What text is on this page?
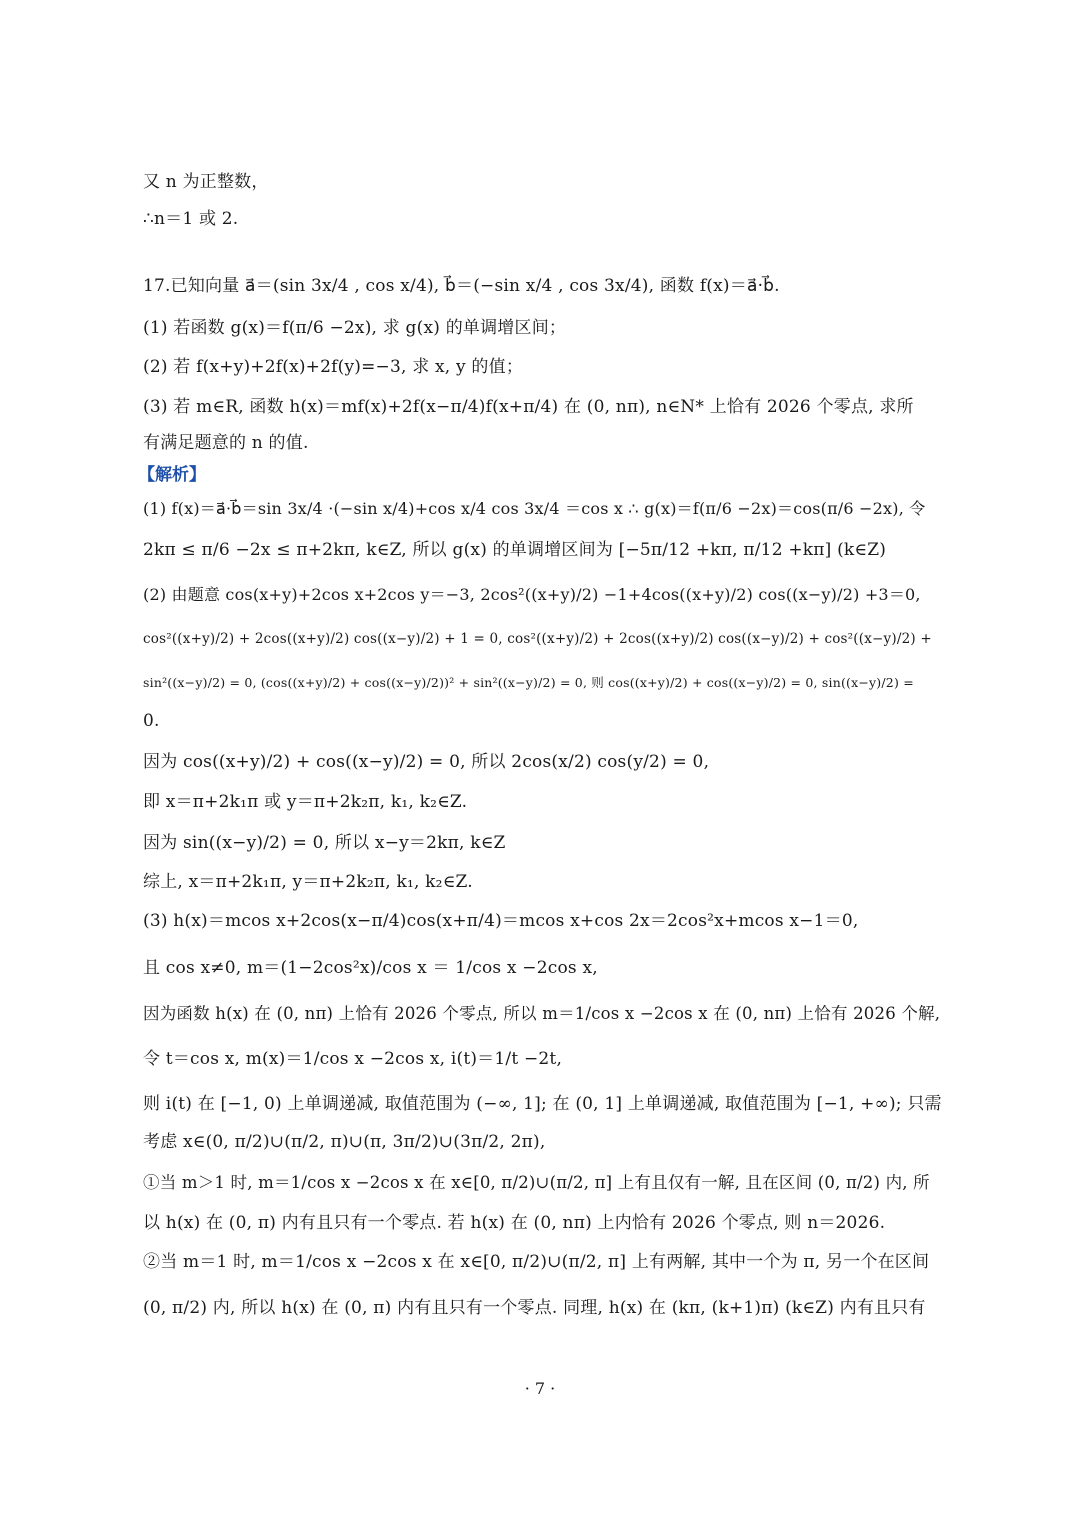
又 n 为正整数，
∴n＝1 或 2.
17.已知向量 a⃗＝(sin 3x/4 , cos x/4), b⃗＝(−sin x/4 , cos 3x/4), 函数 f(x)＝a⃗·b⃗.
(1) 若函数 g(x)＝f(π/6 −2x), 求 g(x) 的单调增区间；
(2) 若 f(x+y)+2f(x)+2f(y)=−3, 求 x, y 的值；
(3) 若 m∈R, 函数 h(x)＝mf(x)+2f(x−π/4)f(x+π/4) 在 (0, nπ), n∈N* 上恰有 2026 个零点, 求所
有满足题意的 n 的值.
【解析】
(1) f(x)＝a⃗·b⃗＝sin 3x/4 ·(−sin x/4)+cos x/4 cos 3x/4 ＝cos x ∴ g(x)＝f(π/6 −2x)＝cos(π/6 −2x), 令
2kπ ≤ π/6 −2x ≤ π+2kπ, k∈Z, 所以 g(x) 的单调增区间为 [−5π/12 +kπ, π/12 +kπ] (k∈Z)
(2) 由题意 cos(x+y)+2cos x+2cos y＝−3, 2cos²((x+y)/2) −1+4cos((x+y)/2) cos((x−y)/2) +3＝0,
cos²((x+y)/2) + 2cos((x+y)/2) cos((x−y)/2) + 1 = 0, cos²((x+y)/2) + 2cos((x+y)/2) cos((x−y)/2) + cos²((x−y)/2) +
sin²((x−y)/2) = 0, (cos((x+y)/2) + cos((x−y)/2))² + sin²((x−y)/2) = 0, 则 cos((x+y)/2) + cos((x−y)/2) = 0, sin((x−y)/2) =
0.
因为 cos((x+y)/2) + cos((x−y)/2) = 0, 所以 2cos(x/2) cos(y/2) = 0,
即 x＝π+2k₁π 或 y＝π+2k₂π, k₁, k₂∈Z.
因为 sin((x−y)/2) = 0, 所以 x−y＝2kπ, k∈Z
综上, x＝π+2k₁π, y＝π+2k₂π, k₁, k₂∈Z.
(3) h(x)＝mcos x+2cos(x−π/4)cos(x+π/4)＝mcos x+cos 2x＝2cos²x+mcos x−1＝0,
且 cos x≠0, m＝(1−2cos²x)/cos x ＝ 1/cos x −2cos x,
因为函数 h(x) 在 (0, nπ) 上恰有 2026 个零点, 所以 m＝1/cos x −2cos x 在 (0, nπ) 上恰有 2026 个解,
令 t＝cos x, m(x)＝1/cos x −2cos x, i(t)＝1/t −2t,
则 i(t) 在 [−1, 0) 上单调递减, 取值范围为 (−∞, 1]; 在 (0, 1] 上单调递减, 取值范围为 [−1, +∞); 只需
考虑 x∈(0, π/2)∪(π/2, π)∪(π, 3π/2)∪(3π/2, 2π),
①当 m＞1 时, m＝1/cos x −2cos x 在 x∈[0, π/2)∪(π/2, π] 上有且仅有一解, 且在区间 (0, π/2) 内, 所
以 h(x) 在 (0, π) 内有且只有一个零点. 若 h(x) 在 (0, nπ) 上内恰有 2026 个零点, 则 n＝2026.
②当 m＝1 时, m＝1/cos x −2cos x 在 x∈[0, π/2)∪(π/2, π] 上有两解, 其中一个为 π, 另一个在区间
(0, π/2) 内, 所以 h(x) 在 (0, π) 内有且只有一个零点. 同理, h(x) 在 (kπ, (k+1)π) (k∈Z) 内有且只有
· 7 ·
